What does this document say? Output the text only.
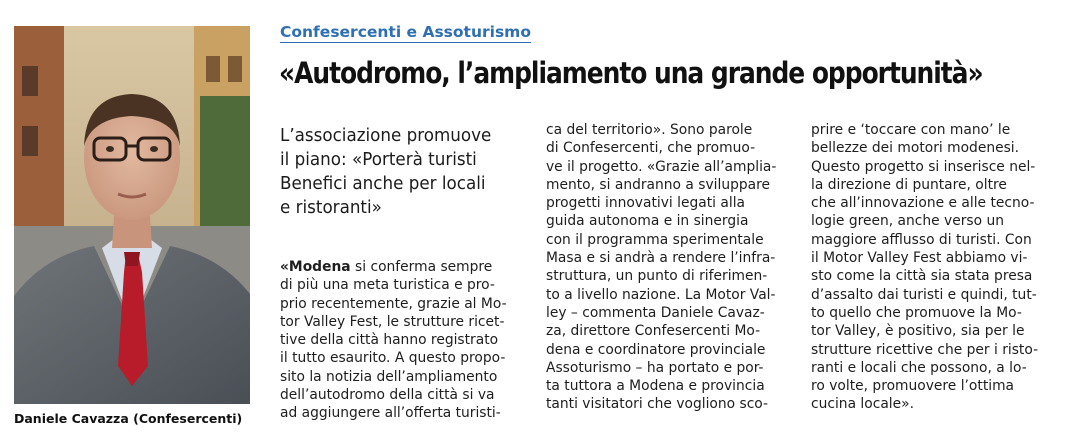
Daniele Cavazza (Confesercenti)
Confesercenti e Assoturismo
«Autodromo, l’ampliamento una grande opportunità»
L’associazione promuove
il piano: «Porterà turisti
Benefici anche per locali
e ristoranti»
«Modena si conferma sempre
di più una meta turistica e pro-
prio recentemente, grazie al Mo-
tor Valley Fest, le strutture ricet-
tive della città hanno registrato
il tutto esaurito. A questo propo-
sito la notizia dell’ampliamento
dell’autodromo della città si va
ad aggiungere all’offerta turisti-
ca del territorio». Sono parole
di Confesercenti, che promuo-
ve il progetto. «Grazie all’amplia-
mento, si andranno a sviluppare
progetti innovativi legati alla
guida autonoma e in sinergia
con il programma sperimentale
Masa e si andrà a rendere l’infra-
struttura, un punto di riferimen-
to a livello nazione. La Motor Val-
ley – commenta Daniele Cavaz-
za, direttore Confesercenti Mo-
dena e coordinatore provinciale
Assoturismo – ha portato e por-
ta tuttora a Modena e provincia
tanti visitatori che vogliono sco-
prire e ‘toccare con mano’ le
bellezze dei motori modenesi.
Questo progetto si inserisce nel-
la direzione di puntare, oltre
che all’innovazione e alle tecno-
logie green, anche verso un
maggiore afflusso di turisti. Con
il Motor Valley Fest abbiamo vi-
sto come la città sia stata presa
d’assalto dai turisti e quindi, tut-
to quello che promuove la Mo-
tor Valley, è positivo, sia per le
strutture ricettive che per i risto-
ranti e locali che possono, a lo-
ro volte, promuovere l’ottima
cucina locale».
